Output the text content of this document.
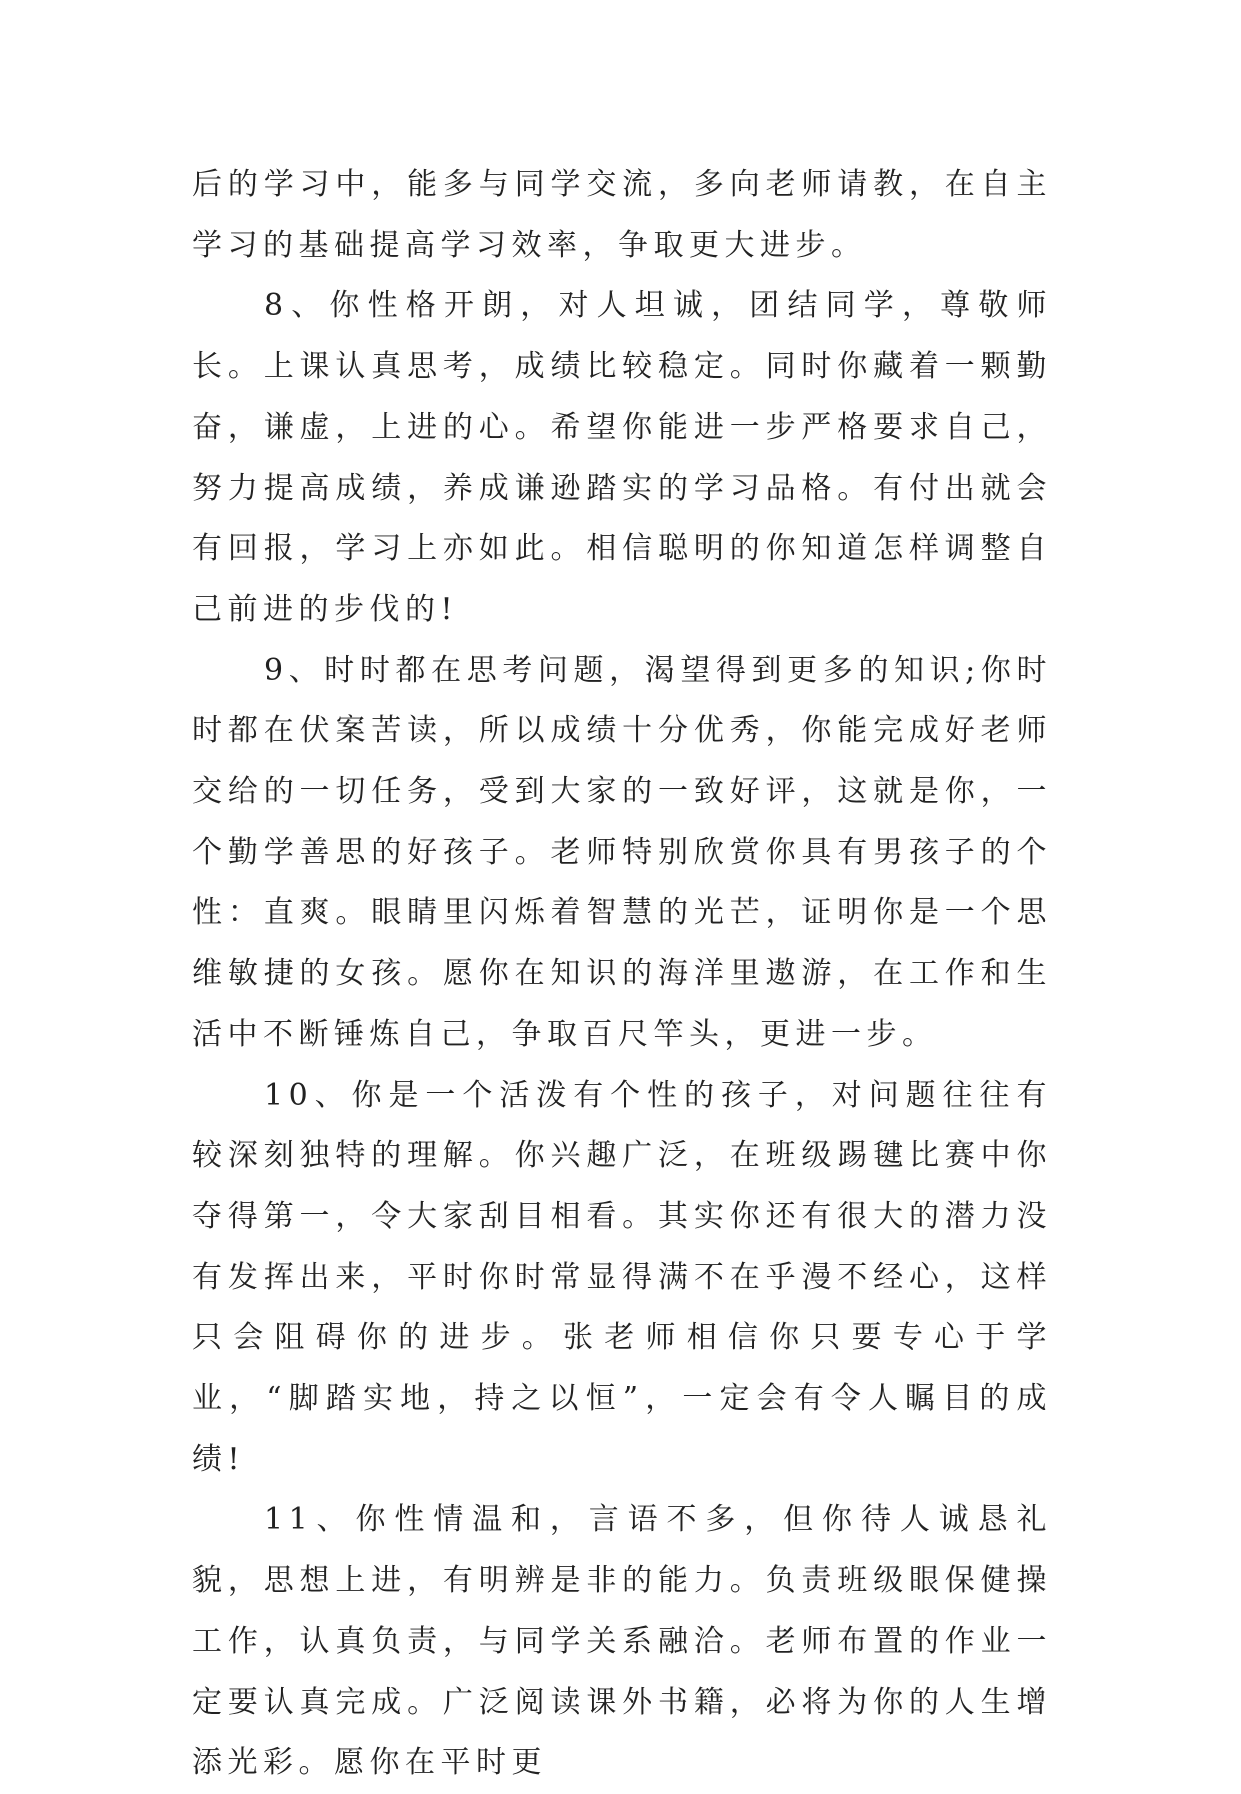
后的学习中，能多与同学交流，多向老师请教，在自主学习的基础提高学习效率，争取更大进步。

8、你性格开朗，对人坦诚，团结同学，尊敬师长。上课认真思考，成绩比较稳定。同时你藏着一颗勤奋，谦虚，上进的心。希望你能进一步严格要求自己，努力提高成绩，养成谦逊踏实的学习品格。有付出就会有回报，学习上亦如此。相信聪明的你知道怎样调整自己前进的步伐的!

9、时时都在思考问题，渴望得到更多的知识;你时时都在伏案苦读，所以成绩十分优秀，你能完成好老师交给的一切任务，受到大家的一致好评，这就是你，一个勤学善思的好孩子。老师特别欣赏你具有男孩子的个性：直爽。眼睛里闪烁着智慧的光芒，证明你是一个思维敏捷的女孩。愿你在知识的海洋里遨游，在工作和生活中不断锤炼自己，争取百尺竿头，更进一步。

10、你是一个活泼有个性的孩子，对问题往往有较深刻独特的理解。你兴趣广泛，在班级踢毽比赛中你夺得第一，令大家刮目相看。其实你还有很大的潜力没有发挥出来，平时你时常显得满不在乎漫不经心，这样只会阻碍你的进步。张老师相信你只要专心于学业，“脚踏实地，持之以恒”，一定会有令人瞩目的成绩!

11、你性情温和，言语不多，但你待人诚恳礼貌，思想上进，有明辨是非的能力。负责班级眼保健操工作，认真负责，与同学关系融洽。老师布置的作业一定要认真完成。广泛阅读课外书籍，必将为你的人生增添光彩。愿你在平时更
